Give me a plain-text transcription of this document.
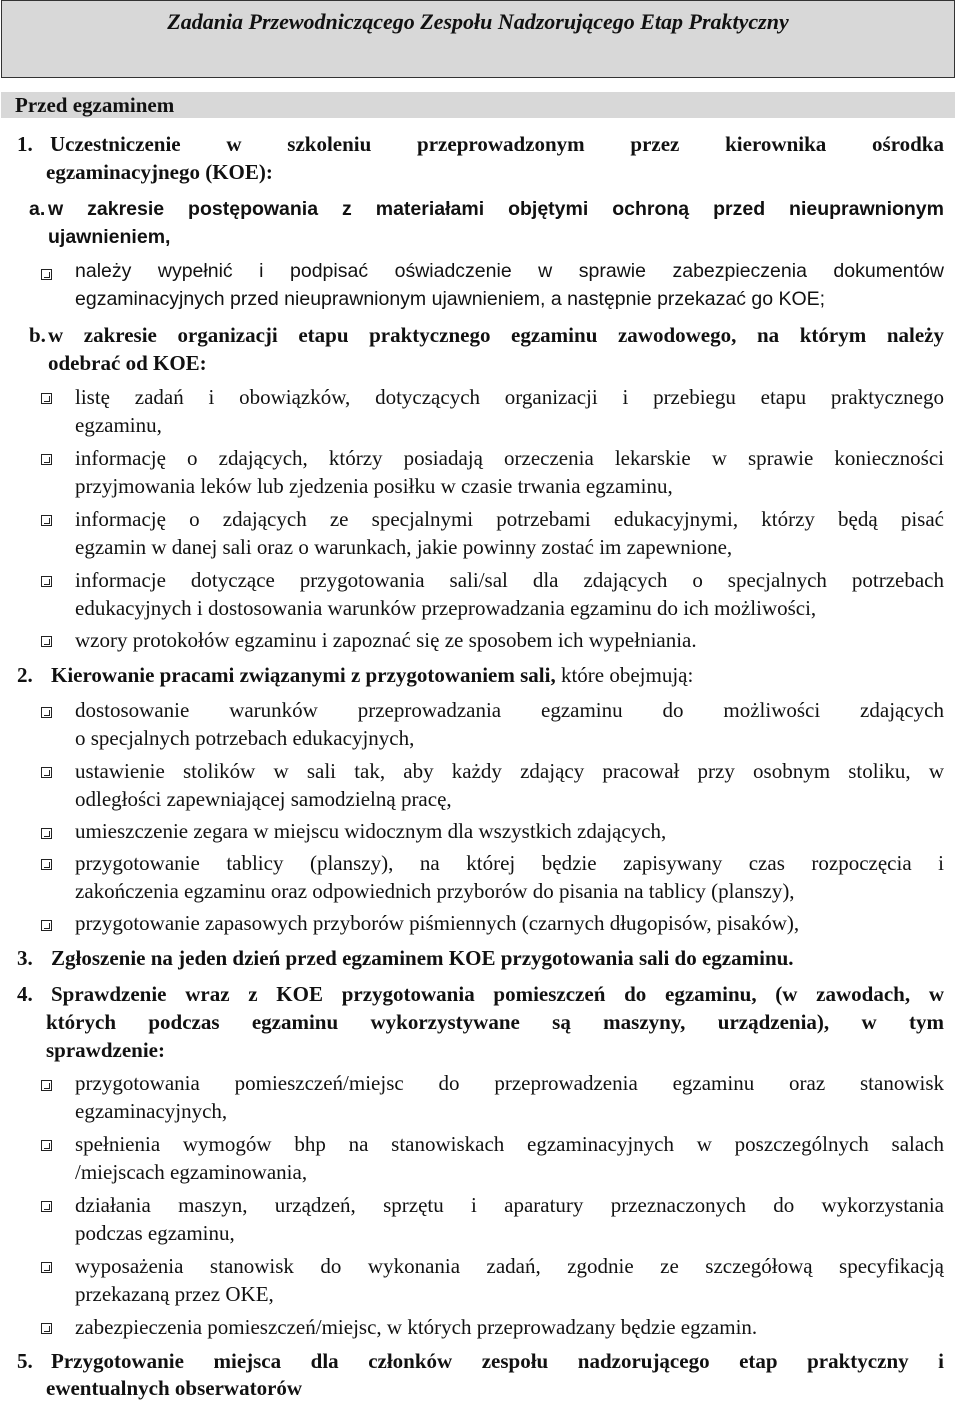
Zadania Przewodniczącego Zespołu Nadzorującego Etap Praktyczny
Przed egzaminem
1. Uczestniczenie w szkoleniu przeprowadzonym przez kierownika ośrodka
egzaminacyjnego (KOE):
a. w zakresie postępowania z materiałami objętymi ochroną przed nieuprawnionym
ujawnieniem,
należy wypełnić i podpisać oświadczenie w sprawie zabezpieczenia dokumentów
egzaminacyjnych przed nieuprawnionym ujawnieniem, a następnie przekazać go KOE;
b. w zakresie organizacji etapu praktycznego egzaminu zawodowego, na którym należy
odebrać od KOE:
listę zadań i obowiązków, dotyczących organizacji i przebiegu etapu praktycznego
egzaminu,
informację o zdających, którzy posiadają orzeczenia lekarskie w sprawie konieczności
przyjmowania leków lub zjedzenia posiłku w czasie trwania egzaminu,
informację o zdających ze specjalnymi potrzebami edukacyjnymi, którzy będą pisać
egzamin w danej sali oraz o warunkach, jakie powinny zostać im zapewnione,
informacje dotyczące przygotowania sali/sal dla zdających o specjalnych potrzebach
edukacyjnych i dostosowania warunków przeprowadzania egzaminu do ich możliwości,
wzory protokołów egzaminu i zapoznać się ze sposobem ich wypełniania.
2. Kierowanie pracami związanymi z przygotowaniem sali, które obejmują:
dostosowanie warunków przeprowadzania egzaminu do możliwości zdających
o specjalnych potrzebach edukacyjnych,
ustawienie stolików w sali tak, aby każdy zdający pracował przy osobnym stoliku, w
odległości zapewniającej samodzielną pracę,
umieszczenie zegara w miejscu widocznym dla wszystkich zdających,
przygotowanie tablicy (planszy), na której będzie zapisywany czas rozpoczęcia i
zakończenia egzaminu oraz odpowiednich przyborów do pisania na tablicy (planszy),
przygotowanie zapasowych przyborów piśmiennych (czarnych długopisów, pisaków),
3. Zgłoszenie na jeden dzień przed egzaminem KOE przygotowania sali do egzaminu.
4. Sprawdzenie wraz z KOE przygotowania pomieszczeń do egzaminu, (w zawodach, w
których podczas egzaminu wykorzystywane są maszyny, urządzenia), w tym
sprawdzenie:
przygotowania pomieszczeń/miejsc do przeprowadzenia egzaminu oraz stanowisk
egzaminacyjnych,
spełnienia wymogów bhp na stanowiskach egzaminacyjnych w poszczególnych salach
/miejscach egzaminowania,
działania maszyn, urządzeń, sprzętu i aparatury przeznaczonych do wykorzystania
podczas egzaminu,
wyposażenia stanowisk do wykonania zadań, zgodnie ze szczegółową specyfikacją
przekazaną przez OKE,
zabezpieczenia pomieszczeń/miejsc, w których przeprowadzany będzie egzamin.
5. Przygotowanie miejsca dla członków zespołu nadzorującego etap praktyczny i
ewentualnych obserwatorów
